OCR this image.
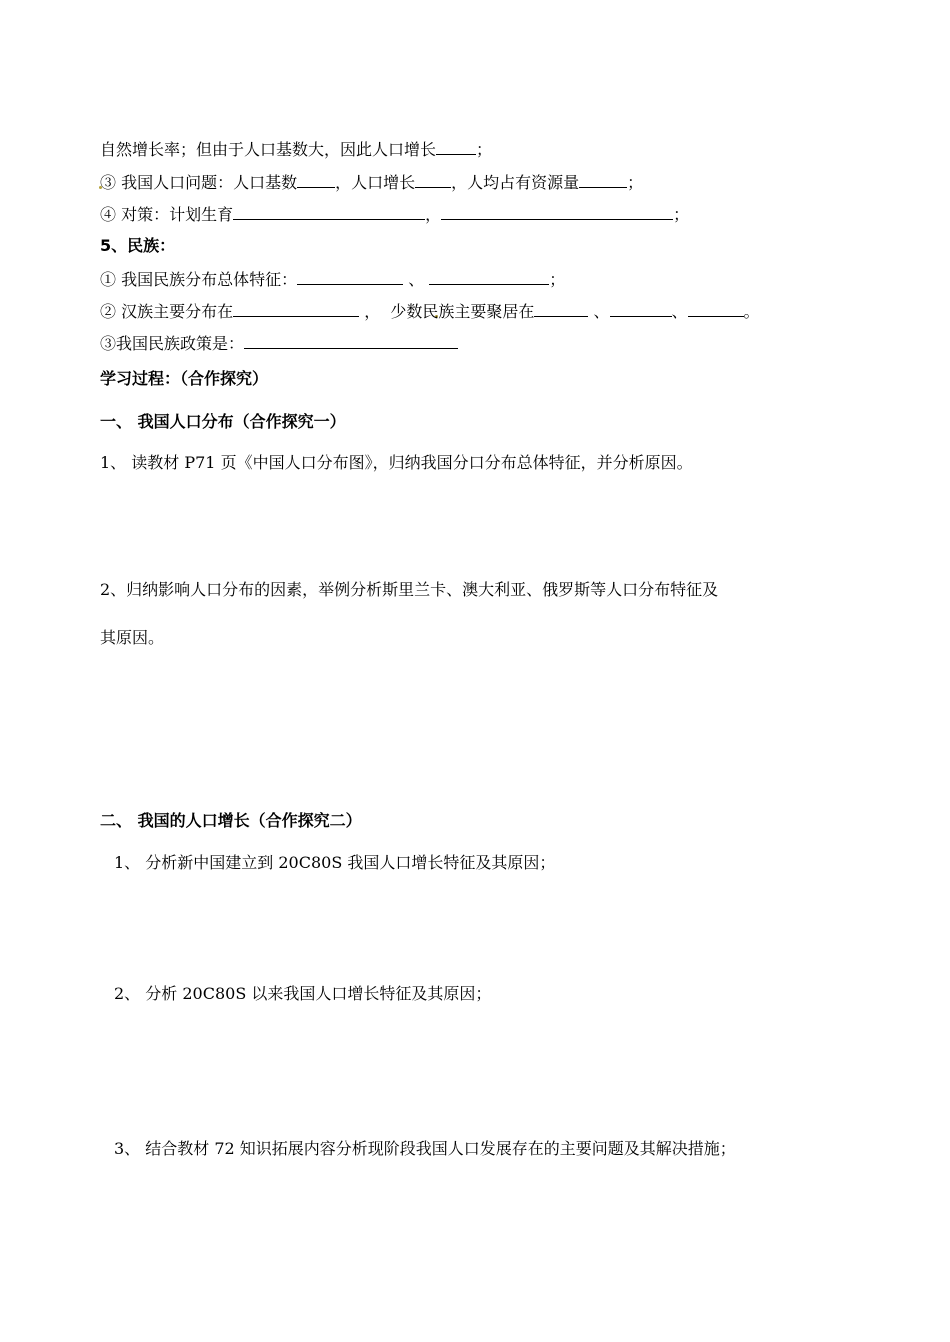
自然增长率；但由于人口基数大，因此人口增长	；
③ 我国人口问题：人口基数 ，人口增长 ，人均占有资源量	；
④ 对策：计划生育	，	；
5、民族：
① 我国民族分布总体特征：	、	；
② 汉族主要分布在	， 少数民族主要聚居在	、	、	。
③我国民族政策是：
学习过程：（合作探究）
一、 我国人口分布（合作探究一）
1、 读教材 P71 页《中国人口分布图》，归纳我国分口分布总体特征，并分析原因。
2、归纳影响人口分布的因素，举例分析斯里兰卡、澳大利亚、俄罗斯等人口分布特征及
其原因。
二、 我国的人口增长（合作探究二）
1、 分析新中国建立到 20C80S 我国人口增长特征及其原因；
2、 分析 20C80S 以来我国人口增长特征及其原因；
3、 结合教材 72 知识拓展内容分析现阶段我国人口发展存在的主要问题及其解决措施；
